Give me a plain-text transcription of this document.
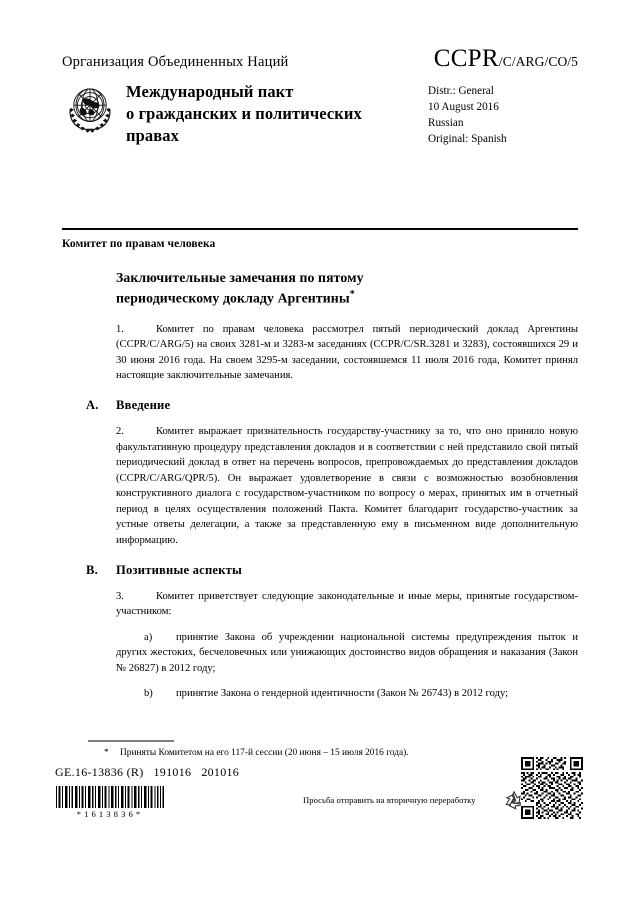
Организация Объединенных Наций	CCPR/C/ARG/CO/5
Международный пакт
о гражданских и политических
правах
Distr.: General
10 August 2016
Russian
Original: Spanish
Комитет по правам человека
Заключительные замечания по пятому
периодическому докладу Аргентины*

1.	Комитет по правам человека рассмотрел пятый периодический доклад Аргентины (CCPR/C/ARG/5) на своих 3281-м и 3283-м заседаниях (CCPR/C/SR.3281 и 3283), состоявшихся 29 и 30 июня 2016 года. На своем 3295-м заседании, состоявшемся 11 июля 2016 года, Комитет принял настоящие заключительные замечания.

A. Введение

2.	Комитет выражает признательность государству-участнику за то, что оно приняло новую факультативную процедуру представления докладов и в соответствии с ней представило свой пятый периодический доклад в ответ на перечень вопросов, препровождаемых до представления докладов (CCPR/C/ARG/QPR/5). Он выражает удовлетворение в связи с возможностью возобновления конструктивного диалога с государством-участником по вопросу о мерах, принятых им в отчетный период в целях осуществления положений Пакта. Комитет благодарит государство-участник за устные ответы делегации, а также за представленную ему в письменном виде дополнительную информацию.

B. Позитивные аспекты

3.	Комитет приветствует следующие законодательные и иные меры, принятые государством-участником:

a) принятие Закона об учреждении национальной системы предупреждения пыток и других жестоких, бесчеловечных или унижающих достоинство видов обращения и наказания (Закон № 26827) в 2012 году;

b) принятие Закона о гендерной идентичности (Закон № 26743) в 2012 году;

* Приняты Комитетом на его 117-й сессии (20 июня – 15 июля 2016 года).
GE.16-13836 (R) 191016 201016
*1613836*
Просьба отправить на вторичную переработку
